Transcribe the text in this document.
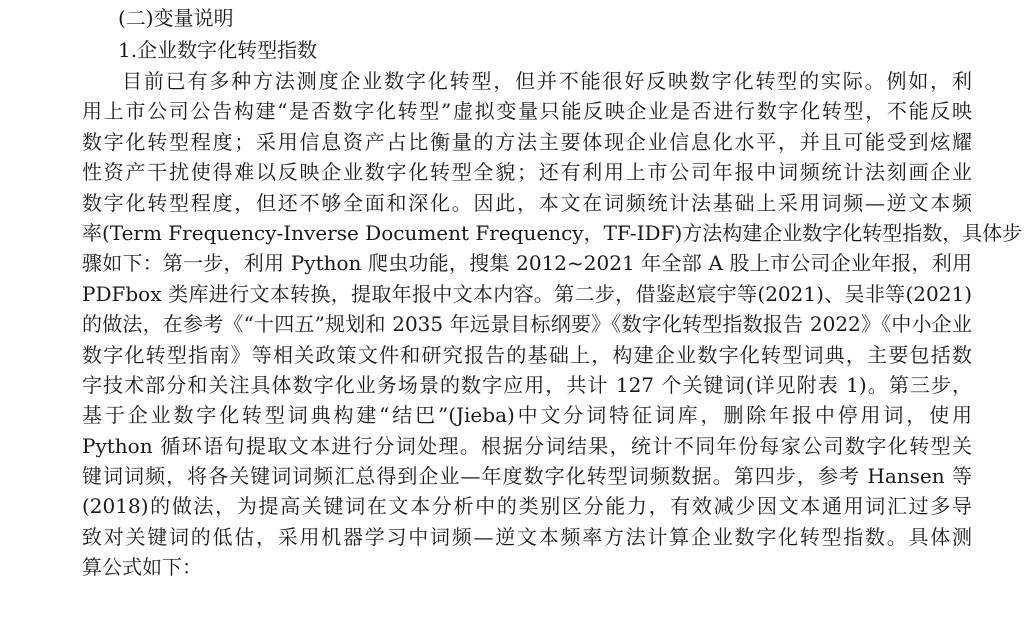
(二)变量说明
1.企业数字化转型指数
目前已有多种方法测度企业数字化转型，但并不能很好反映数字化转型的实际。例如，利
用上市公司公告构建“是否数字化转型”虚拟变量只能反映企业是否进行数字化转型，不能反映
数字化转型程度；采用信息资产占比衡量的方法主要体现企业信息化水平，并且可能受到炫耀
性资产干扰使得难以反映企业数字化转型全貌；还有利用上市公司年报中词频统计法刻画企业
数字化转型程度，但还不够全面和深化。因此，本文在词频统计法基础上采用词频—逆文本频
率(Term Frequency-Inverse Document Frequency，TF-IDF)方法构建企业数字化转型指数，具体步
骤如下：第一步，利用 Python 爬虫功能，搜集 2012~2021 年全部 A 股上市公司企业年报，利用
PDFbox 类库进行文本转换，提取年报中文本内容。第二步，借鉴赵宸宇等(2021)、吴非等(2021)
的做法，在参考《“十四五”规划和 2035 年远景目标纲要》《数字化转型指数报告 2022》《中小企业
数字化转型指南》等相关政策文件和研究报告的基础上，构建企业数字化转型词典，主要包括数
字技术部分和关注具体数字化业务场景的数字应用，共计 127 个关键词(详见附表 1)。第三步，
基于企业数字化转型词典构建“结巴”(Jieba)中文分词特征词库，删除年报中停用词，使用
Python 循环语句提取文本进行分词处理。根据分词结果，统计不同年份每家公司数字化转型关
键词词频，将各关键词词频汇总得到企业—年度数字化转型词频数据。第四步，参考 Hansen 等
(2018)的做法，为提高关键词在文本分析中的类别区分能力，有效减少因文本通用词汇过多导
致对关键词的低估，采用机器学习中词频—逆文本频率方法计算企业数字化转型指数。具体测
算公式如下：
